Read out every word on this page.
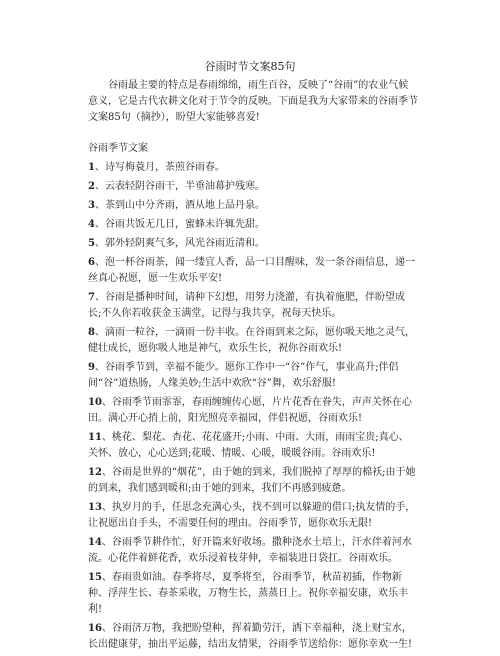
谷雨时节文案85句
谷雨最主要的特点是春雨绵绵，雨生百谷，反映了“谷雨”的农业气候意义，它是古代农耕文化对于节令的反映。下面是我为大家带来的谷雨季节文案85句（摘抄），盼望大家能够喜爱!
谷雨季节文案
1、诗写梅蓑月，茶煎谷雨春。
2、云表轻阴谷雨干，半垂油幕护残寒。
3、茶到山中分齐雨，酒从地上品丹泉。
4、谷雨共饭无几日，蜜蜂未许辄先甜。
5、郭外轻阴爽气多，风光谷雨近清和。
6、泡一杯谷雨茶，闻一缕宜人香，品一口目醒味，发一条谷雨信息，递一丝真心祝愿，愿一生欢乐平安!
7、谷雨是播种时间，请种下幻想，用努力浇灌，有执着施肥，伴盼望成长;不久你若收获金玉满堂，记得与我共享，祝每天快乐。
8、滴雨一粒谷，一滴雨一份丰收。在谷雨到来之际，愿你吸天地之灵气，健壮成长，愿你吸人地是神气，欢乐生长，祝你谷雨欢乐!
9、谷雨季节到，幸福不能少。愿你工作中一“谷”作气，事业高升;伴侣间“谷”道热肠，人缘美妙;生活中欢欣“谷”舞，欢乐舒服!
10、谷雨季节雨霏霏，春雨缠缠传心愿，片片花香在眷失，声声关怀在心田。满心开心捎上前，阳光照亮幸福园，伴侣祝愿，谷雨欢乐!
11、桃花、梨花、杏花、花花盛开;小雨、中雨、大雨，雨雨宝贵;真心、关怀、放心，心心送到;花暖、情暖、心暖，暖暖谷雨。谷雨欢乐!
12、谷雨是世界的“烟花”，由于她的到来，我们脱掉了厚厚的棉袄;由于她的到来，我们感到暖和;由于她的到来，我们不再感到疲惫。
13、执岁月的手，任思念充满心头，找不到可以躲避的借口;执友情的手，让祝愿出自手头，不需要任何的理由。谷雨季节，愿你欢乐无限!
14、谷雨季节耕作忙，好开篇来好收场。撒种浇水土培上，汗水伴着河水流。心花伴着鲜花香，欢乐浸着枝芽伸，幸福装进日袋扛。谷雨欢乐。
15、春雨贵如油。春季将尽，夏季将至，谷雨季节，秋苗初插，作物新种、浮萍生长、春茶采收，万物生长，蒸蒸日上。祝你幸福安康，欢乐丰利!
16、谷雨济万物，我把盼望种，挥着勤劳汗，洒下幸福种，浇上财宝水，长出健康芽，抽出平运藤，结出友情果，谷雨季节送给你：愿你幸欢一生!
